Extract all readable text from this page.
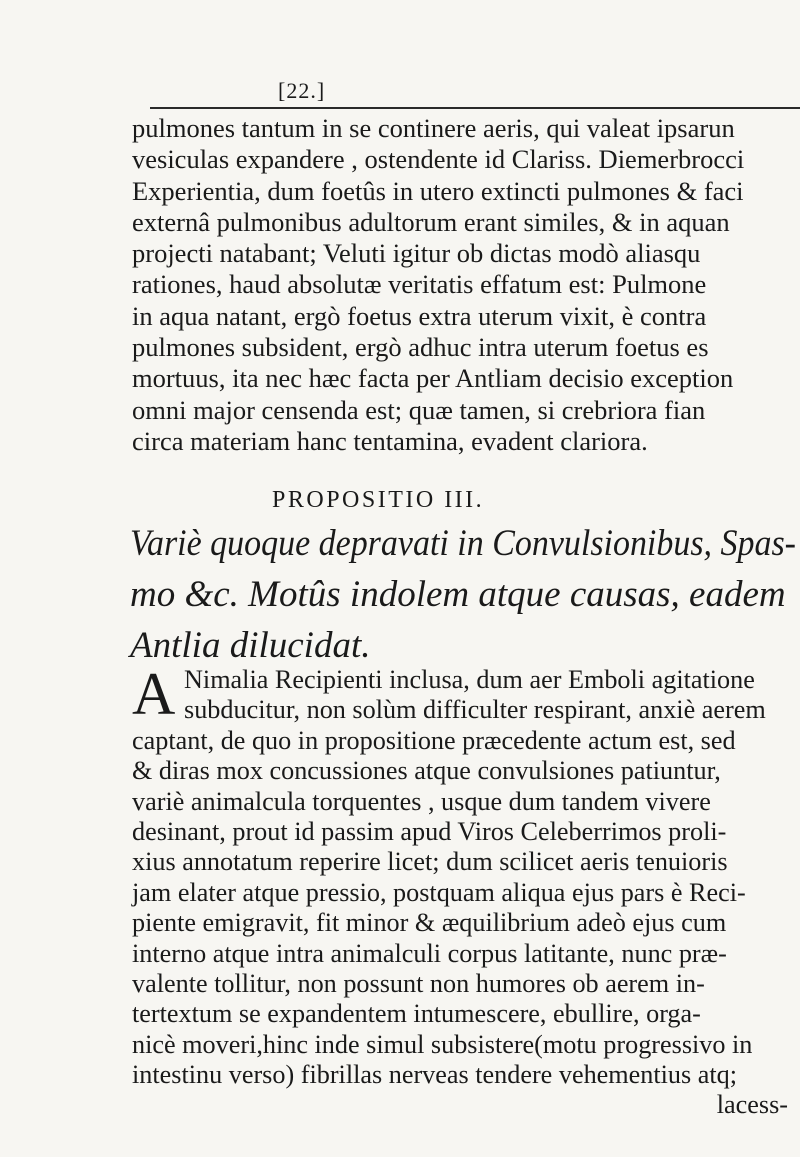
[22.]
pulmones tantum in se continere aeris, qui valeat ipsarun
vesiculas expandere , ostendente id Clariss. Diemerbrocci
Experientia, dum foetûs in utero extincti pulmones & faci
externâ pulmonibus adultorum erant similes, & in aquan
projecti natabant; Veluti igitur ob dictas modò aliasqu
rationes, haud absolutæ veritatis effatum est: Pulmone
in aqua natant, ergò foetus extra uterum vixit, è contra
pulmones subsident, ergò adhuc intra uterum foetus es
mortuus, ita nec hæc facta per Antliam decisio exception
omni major censenda est; quæ tamen, si crebriora fian
circa materiam hanc tentamina, evadent clariora.
PROPOSITIO III.
Variè quoque depravati in Convulsionibus, Spas-
mo &c. Motûs indolem atque causas, eadem
Antlia dilucidat.
A Nimalia Recipienti inclusa, dum aer Emboli agitatione
subducitur, non solùm difficulter respirant, anxiè aerem
captant, de quo in propositione præcedente actum est, sed
& diras mox concussiones atque convulsiones patiuntur,
variè animalcula torquentes , usque dum tandem vivere
desinant, prout id passim apud Viros Celeberrimos proli-
xius annotatum reperire licet; dum scilicet aeris tenuioris
jam elater atque pressio, postquam aliqua ejus pars è Reci-
piente emigravit, fit minor & æquilibrium adeò ejus cum
interno atque intra animalculi corpus latitante, nunc præ-
valente tollitur, non possunt non humores ob aerem in-
tertextum se expandentem intumescere, ebullire, orga-
nicè moveri,hinc inde simul subsistere(motu progressivo in
intestinu verso) fibrillas nerveas tendere vehementius atq;
lacess-
